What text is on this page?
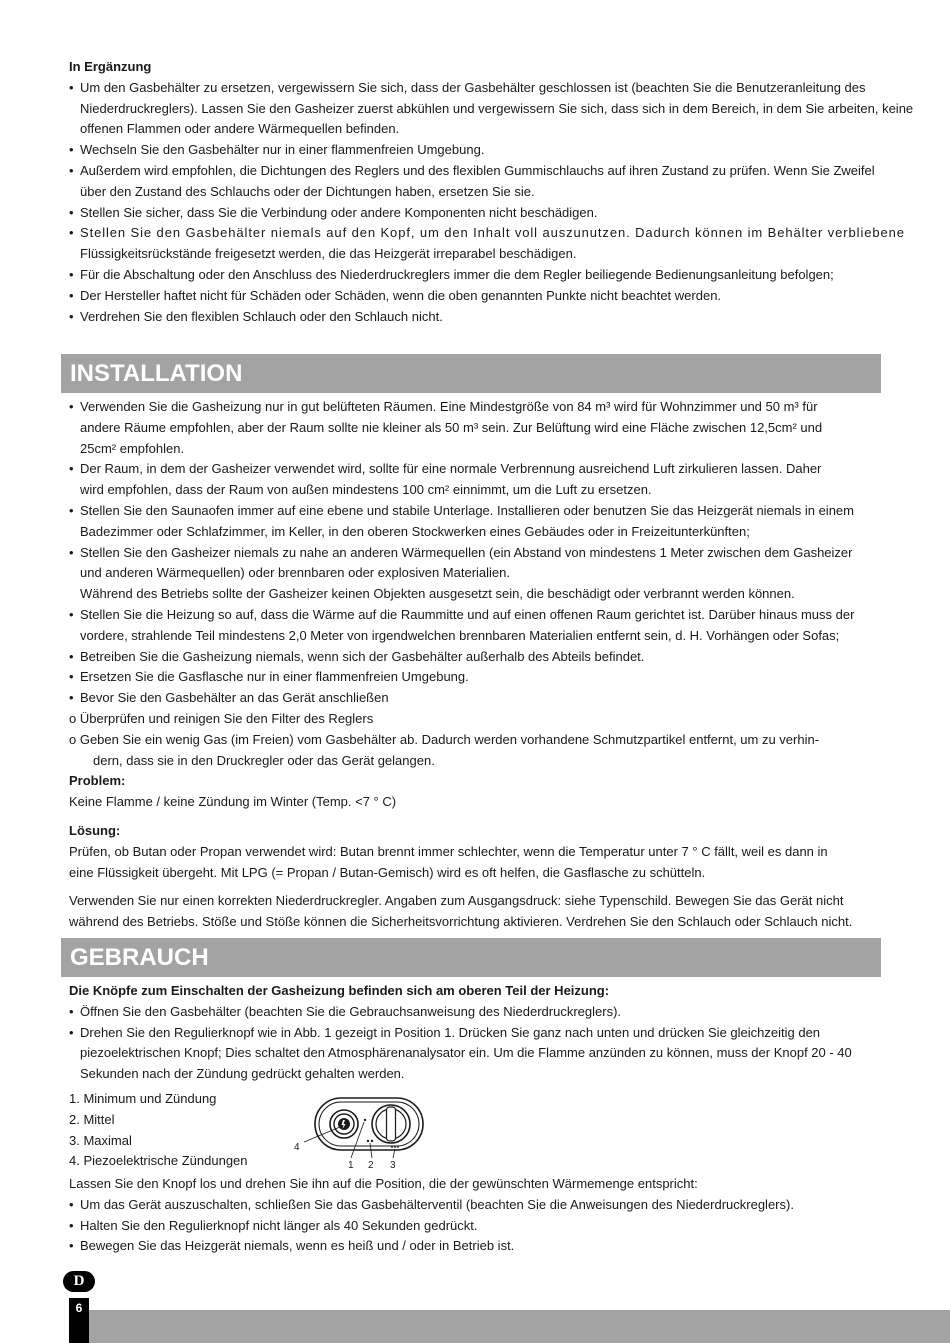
In Ergänzung
• Um den Gasbehälter zu ersetzen, vergewissern Sie sich, dass der Gasbehälter geschlossen ist (beachten Sie die Benutzeranleitung des
Niederdruckreglers). Lassen Sie den Gasheizer zuerst abkühlen und vergewissern Sie sich, dass sich in dem Bereich, in dem Sie arbeiten, keine
offenen Flammen oder andere Wärmequellen befinden.
• Wechseln Sie den Gasbehälter nur in einer flammenfreien Umgebung.
• Außerdem wird empfohlen, die Dichtungen des Reglers und des flexiblen Gummischlauchs auf ihren Zustand zu prüfen. Wenn Sie Zweifel
über den Zustand des Schlauchs oder der Dichtungen haben, ersetzen Sie sie.
• Stellen Sie sicher, dass Sie die Verbindung oder andere Komponenten nicht beschädigen.
• Stellen Sie den Gasbehälter niemals auf den Kopf, um den Inhalt voll auszunutzen. Dadurch können im Behälter verbliebene
Flüssigkeitsrückstände freigesetzt werden, die das Heizgerät irreparabel beschädigen.
• Für die Abschaltung oder den Anschluss des Niederdruckreglers immer die dem Regler beiliegende Bedienungsanleitung befolgen;
• Der Hersteller haftet nicht für Schäden oder Schäden, wenn die oben genannten Punkte nicht beachtet werden.
• Verdrehen Sie den flexiblen Schlauch oder den Schlauch nicht.
INSTALLATION
• Verwenden Sie die Gasheizung nur in gut belüfteten Räumen. Eine Mindestgröße von 84 m³ wird für Wohnzimmer und 50 m³ für
andere Räume empfohlen, aber der Raum sollte nie kleiner als 50 m³ sein. Zur Belüftung wird eine Fläche zwischen 12,5cm² und
25cm² empfohlen.
• Der Raum, in dem der Gasheizer verwendet wird, sollte für eine normale Verbrennung ausreichend Luft zirkulieren lassen. Daher
wird empfohlen, dass der Raum von außen mindestens 100 cm² einnimmt, um die Luft zu ersetzen.
• Stellen Sie den Saunaofen immer auf eine ebene und stabile Unterlage. Installieren oder benutzen Sie das Heizgerät niemals in einem
Badezimmer oder Schlafzimmer, im Keller, in den oberen Stockwerken eines Gebäudes oder in Freizeitunterkünften;
• Stellen Sie den Gasheizer niemals zu nahe an anderen Wärmequellen (ein Abstand von mindestens 1 Meter zwischen dem Gasheizer
und anderen Wärmequellen) oder brennbaren oder explosiven Materialien.
Während des Betriebs sollte der Gasheizer keinen Objekten ausgesetzt sein, die beschädigt oder verbrannt werden können.
• Stellen Sie die Heizung so auf, dass die Wärme auf die Raummitte und auf einen offenen Raum gerichtet ist. Darüber hinaus muss der
vordere, strahlende Teil mindestens 2,0 Meter von irgendwelchen brennbaren Materialien entfernt sein, d. H. Vorhängen oder Sofas;
• Betreiben Sie die Gasheizung niemals, wenn sich der Gasbehälter außerhalb des Abteils befindet.
• Ersetzen Sie die Gasflasche nur in einer flammenfreien Umgebung.
• Bevor Sie den Gasbehälter an das Gerät anschließen
o Überprüfen und reinigen Sie den Filter des Reglers
o Geben Sie ein wenig Gas (im Freien) vom Gasbehälter ab. Dadurch werden vorhandene Schmutzpartikel entfernt, um zu verhin-
dern, dass sie in den Druckregler oder das Gerät gelangen.
Problem:
Keine Flamme / keine Zündung im Winter (Temp. <7 ° C)
Lösung:
Prüfen, ob Butan oder Propan verwendet wird: Butan brennt immer schlechter, wenn die Temperatur unter 7 ° C fällt, weil es dann in
eine Flüssigkeit übergeht. Mit LPG (= Propan / Butan-Gemisch) wird es oft helfen, die Gasflasche zu schütteln.
Verwenden Sie nur einen korrekten Niederdruckregler. Angaben zum Ausgangsdruck: siehe Typenschild. Bewegen Sie das Gerät nicht
während des Betriebs. Stöße und Stöße können die Sicherheitsvorrichtung aktivieren. Verdrehen Sie den Schlauch oder Schlauch nicht.
GEBRAUCH
Die Knöpfe zum Einschalten der Gasheizung befinden sich am oberen Teil der Heizung:
• Öffnen Sie den Gasbehälter (beachten Sie die Gebrauchsanweisung des Niederdruckreglers).
• Drehen Sie den Regulierknopf wie in Abb. 1 gezeigt in Position 1. Drücken Sie ganz nach unten und drücken Sie gleichzeitig den
piezoelektrischen Knopf; Dies schaltet den Atmosphärenanalysator ein. Um die Flamme anzünden zu können, muss der Knopf 20 - 40
Sekunden nach der Zündung gedrückt gehalten werden.
1. Minimum und Zündung
2. Mittel
3. Maximal
4. Piezoelektrische Zündungen
4
1 2 3
Lassen Sie den Knopf los und drehen Sie ihn auf die Position, die der gewünschten Wärmemenge entspricht:
• Um das Gerät auszuschalten, schließen Sie das Gasbehälterventil (beachten Sie die Anweisungen des Niederdruckreglers).
• Halten Sie den Regulierknopf nicht länger als 40 Sekunden gedrückt.
• Bewegen Sie das Heizgerät niemals, wenn es heiß und / oder in Betrieb ist.
D
6
